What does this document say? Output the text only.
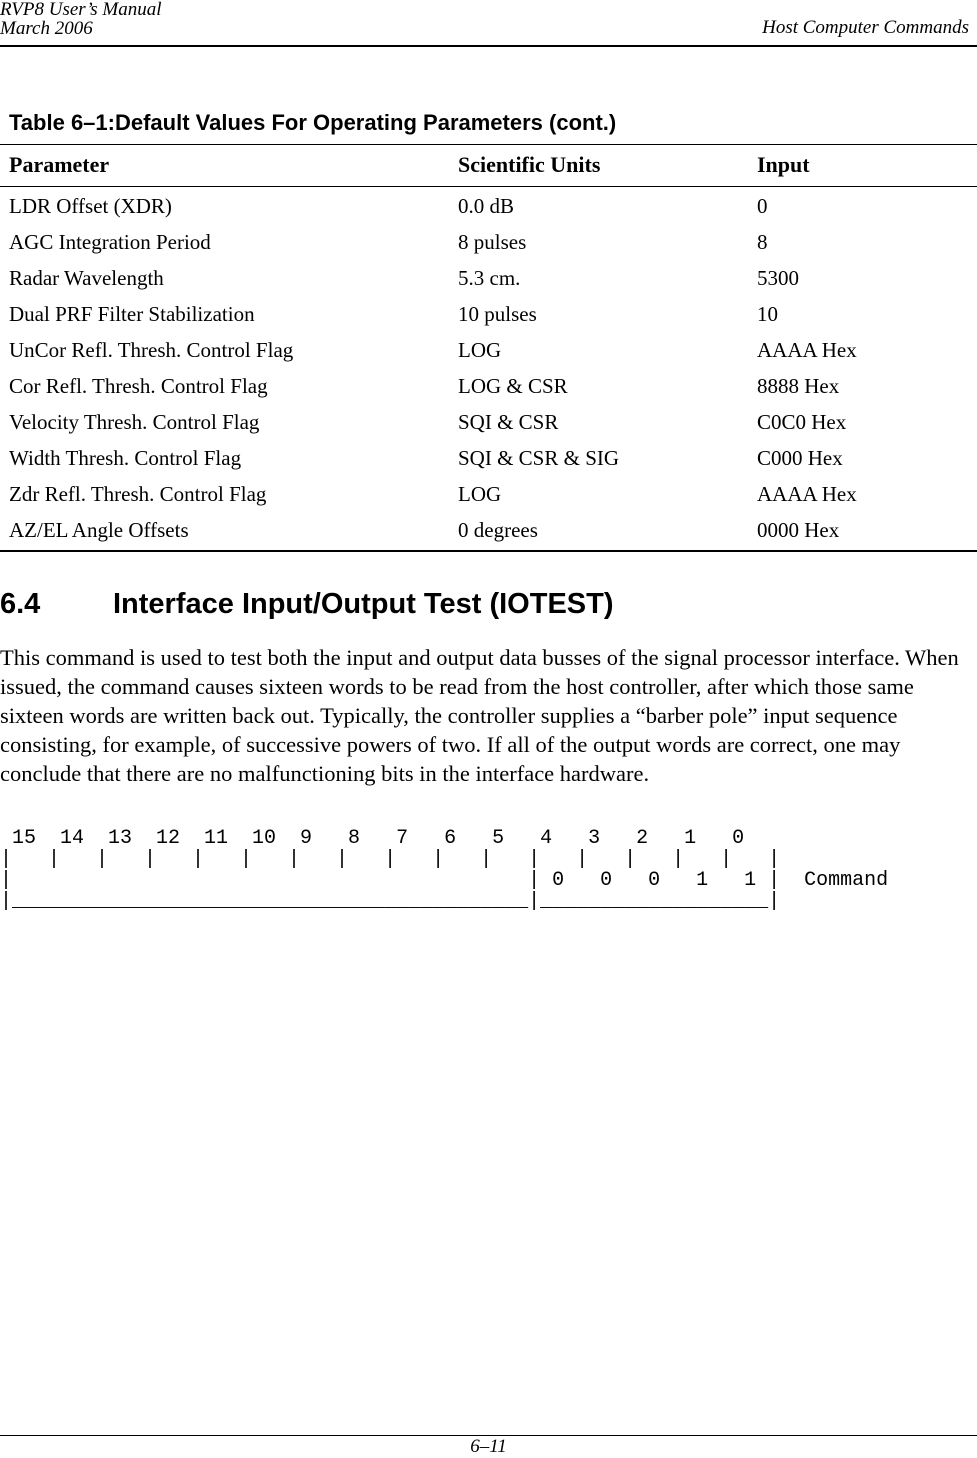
RVP8 User’s Manual
March 2006	Host Computer Commands
Table 6–1:Default Values For Operating Parameters (cont.)
Parameter	Scientific Units	Input
LDR Offset (XDR)	0.0 dB	0
AGC Integration Period	8 pulses	8
Radar Wavelength	5.3 cm.	5300
Dual PRF Filter Stabilization	10 pulses	10
UnCor Refl. Thresh. Control Flag	LOG	AAAA Hex
Cor Refl. Thresh. Control Flag	LOG & CSR	8888 Hex
Velocity Thresh. Control Flag	SQI & CSR	C0C0 Hex
Width Thresh. Control Flag	SQI & CSR & SIG	C000 Hex
Zdr Refl. Thresh. Control Flag	LOG	AAAA Hex
AZ/EL Angle Offsets	0 degrees	0000 Hex
6.4	Interface Input/Output Test (IOTEST)
This command is used to test both the input and output data busses of the signal processor interface. When issued, the command causes sixteen words to be read from the host controller, after which those same sixteen words are written back out. Typically, the controller supplies a “barber pole” input sequence consisting, for example, of successive powers of two. If all of the output words are correct, one may conclude that there are no malfunctioning bits in the interface hardware.
15  14  13  12  11  10  9   8   7   6   5   4   3   2   1   0
|   |   |   |   |   |   |   |   |   |   |   |   |   |   |   |   |
|                                           | 0   0   0   1   1 |  Command
|___________________________________________|___________________|
6–11
